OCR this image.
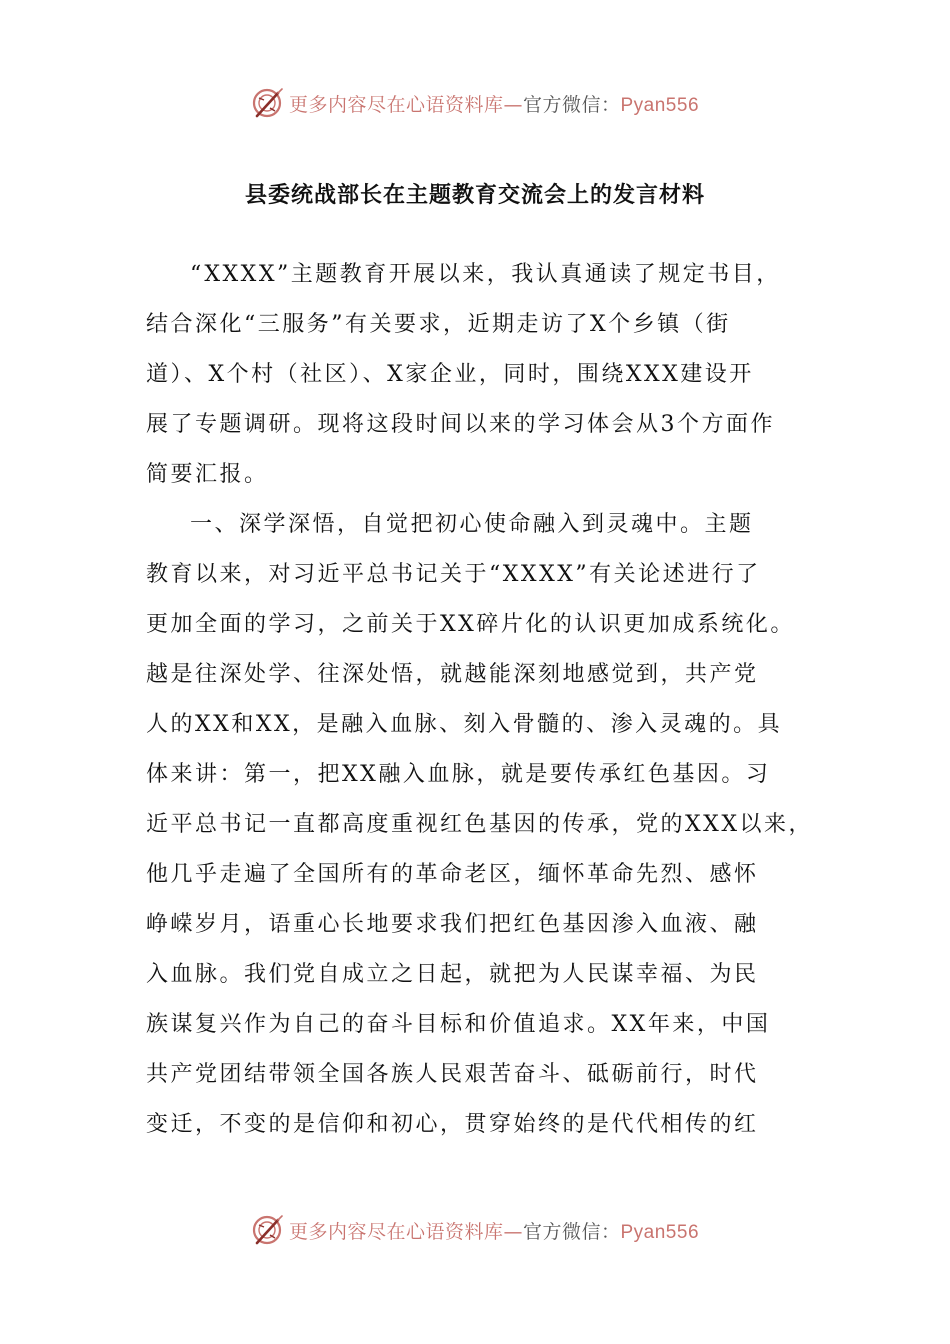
更多内容尽在心语资料库—官方微信：Pyan556
县委统战部长在主题教育交流会上的发言材料
“XXXX”主题教育开展以来，我认真通读了规定书目，
结合深化“三服务”有关要求，近期走访了X个乡镇（街
道）、X个村（社区）、X家企业，同时，围绕XXX建设开
展了专题调研。现将这段时间以来的学习体会从3个方面作
简要汇报。
一、深学深悟，自觉把初心使命融入到灵魂中。主题
教育以来，对习近平总书记关于“XXXX”有关论述进行了
更加全面的学习，之前关于XX碎片化的认识更加成系统化。
越是往深处学、往深处悟，就越能深刻地感觉到，共产党
人的XX和XX，是融入血脉、刻入骨髓的、渗入灵魂的。具
体来讲：第一，把XX融入血脉，就是要传承红色基因。习
近平总书记一直都高度重视红色基因的传承，党的XXX以来，
他几乎走遍了全国所有的革命老区，缅怀革命先烈、感怀
峥嵘岁月，语重心长地要求我们把红色基因渗入血液、融
入血脉。我们党自成立之日起，就把为人民谋幸福、为民
族谋复兴作为自己的奋斗目标和价值追求。XX年来，中国
共产党团结带领全国各族人民艰苦奋斗、砥砺前行，时代
变迁，不变的是信仰和初心，贯穿始终的是代代相传的红
更多内容尽在心语资料库—官方微信：Pyan556
